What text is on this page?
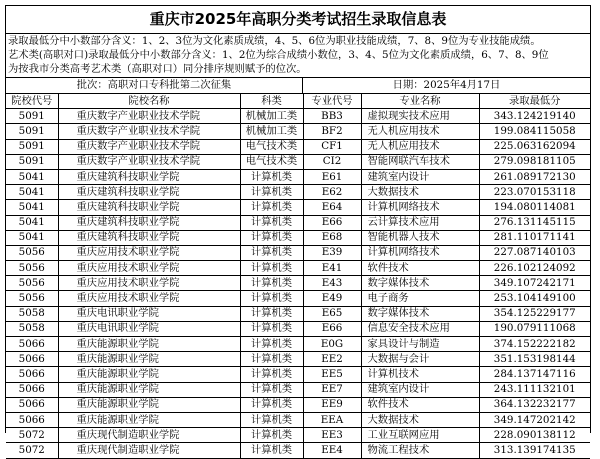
重庆市2025年高职分类考试招生录取信息表
录取最低分中小数部分含义：1、2、3位为文化素质成绩，4、5、6位为职业技能成绩，7、8、9位为专业技能成绩。
艺术类(高职对口)录取最低分中小数部分含义：1、2位为综合成绩小数位，3、4、5位为文化素质成绩，6、7、8、9位
为按我市分类高考艺术类（高职对口）同分排序规则赋予的位次。
批次：高职对口专科批第二次征集	日期：2025年4月17日
院校代号	院校名称	科类	专业代号	专业名称	录取最低分
5091	重庆数字产业职业技术学院	机械加工类	BB3	虚拟现实技术应用	343.124219140
5091	重庆数字产业职业技术学院	机械加工类	BF2	无人机应用技术	199.084115058
5091	重庆数字产业职业技术学院	电气技术类	CF1	无人机应用技术	225.063162094
5091	重庆数字产业职业技术学院	电气技术类	CI2	智能网联汽车技术	279.098181105
5041	重庆建筑科技职业学院	计算机类	E61	建筑室内设计	261.089172130
5041	重庆建筑科技职业学院	计算机类	E62	大数据技术	223.070153118
5041	重庆建筑科技职业学院	计算机类	E64	计算机网络技术	194.080114081
5041	重庆建筑科技职业学院	计算机类	E66	云计算技术应用	276.131145115
5041	重庆建筑科技职业学院	计算机类	E68	智能机器人技术	281.110171141
5056	重庆应用技术职业学院	计算机类	E39	计算机网络技术	227.087140103
5056	重庆应用技术职业学院	计算机类	E41	软件技术	226.102124092
5056	重庆应用技术职业学院	计算机类	E43	数字媒体技术	349.107242171
5056	重庆应用技术职业学院	计算机类	E49	电子商务	253.104149100
5058	重庆电讯职业学院	计算机类	E65	数字媒体技术	354.125229177
5058	重庆电讯职业学院	计算机类	E66	信息安全技术应用	190.079111068
5066	重庆能源职业学院	计算机类	E0G	家具设计与制造	374.152222182
5066	重庆能源职业学院	计算机类	EE2	大数据与会计	351.153198144
5066	重庆能源职业学院	计算机类	EE5	计算机技术	284.137147116
5066	重庆能源职业学院	计算机类	EE7	建筑室内设计	243.111132101
5066	重庆能源职业学院	计算机类	EE9	软件技术	364.132232177
5066	重庆能源职业学院	计算机类	EEA	大数据技术	349.147202142
5072	重庆现代制造职业学院	计算机类	EE3	工业互联网应用	228.090138112
5072	重庆现代制造职业学院	计算机类	EE4	物流工程技术	313.139174135
